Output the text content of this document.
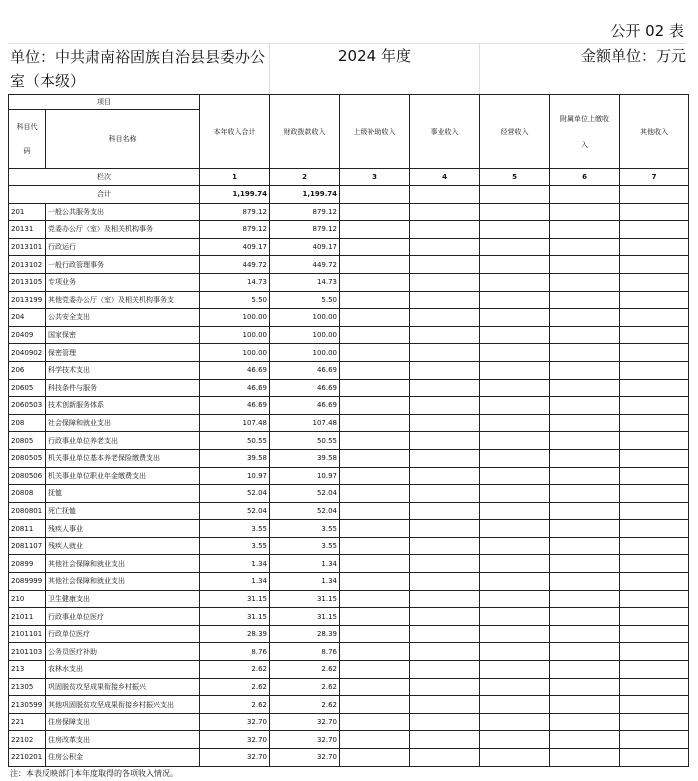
公开 02 表
单位：中共肃南裕固族自治县县委办公室（本级）
2024 年度	金额单位：万元
项目		本年收入合计	财政拨款收入	上级补助收入	事业收入	经营收入	附属单位上缴收入	其他收入
科目代码	科目名称							
栏次		1	2	3	4	5	6	7
合计		1,199.74	1,199.74					
201	一般公共服务支出	879.12	879.12					
20131	党委办公厅（室）及相关机构事务	879.12	879.12					
2013101	行政运行	409.17	409.17					
2013102	一般行政管理事务	449.72	449.72					
2013105	专项业务	14.73	14.73					
2013199	其他党委办公厅（室）及相关机构事务支	5.50	5.50					
204	公共安全支出	100.00	100.00					
20409	国家保密	100.00	100.00					
2040902	保密管理	100.00	100.00					
206	科学技术支出	46.69	46.69					
20605	科技条件与服务	46.69	46.69					
2060503	技术创新服务体系	46.69	46.69					
208	社会保障和就业支出	107.48	107.48					
20805	行政事业单位养老支出	50.55	50.55					
2080505	机关事业单位基本养老保险缴费支出	39.58	39.58					
2080506	机关事业单位职业年金缴费支出	10.97	10.97					
20808	抚恤	52.04	52.04					
2080801	死亡抚恤	52.04	52.04					
20811	残疾人事业	3.55	3.55					
2081107	残疾人就业	3.55	3.55					
20899	其他社会保障和就业支出	1.34	1.34					
2089999	其他社会保障和就业支出	1.34	1.34					
210	卫生健康支出	31.15	31.15					
21011	行政事业单位医疗	31.15	31.15					
2101101	行政单位医疗	28.39	28.39					
2101103	公务员医疗补助	8.76	8.76					
213	农林水支出	2.62	2.62					
21305	巩固脱贫攻坚成果衔接乡村振兴	2.62	2.62					
2130599	其他巩固脱贫攻坚成果衔接乡村振兴支出	2.62	2.62					
221	住房保障支出	32.70	32.70					
22102	住房改革支出	32.70	32.70					
2210201	住房公积金	32.70	32.70					
注：本表反映部门本年度取得的各项收入情况。
